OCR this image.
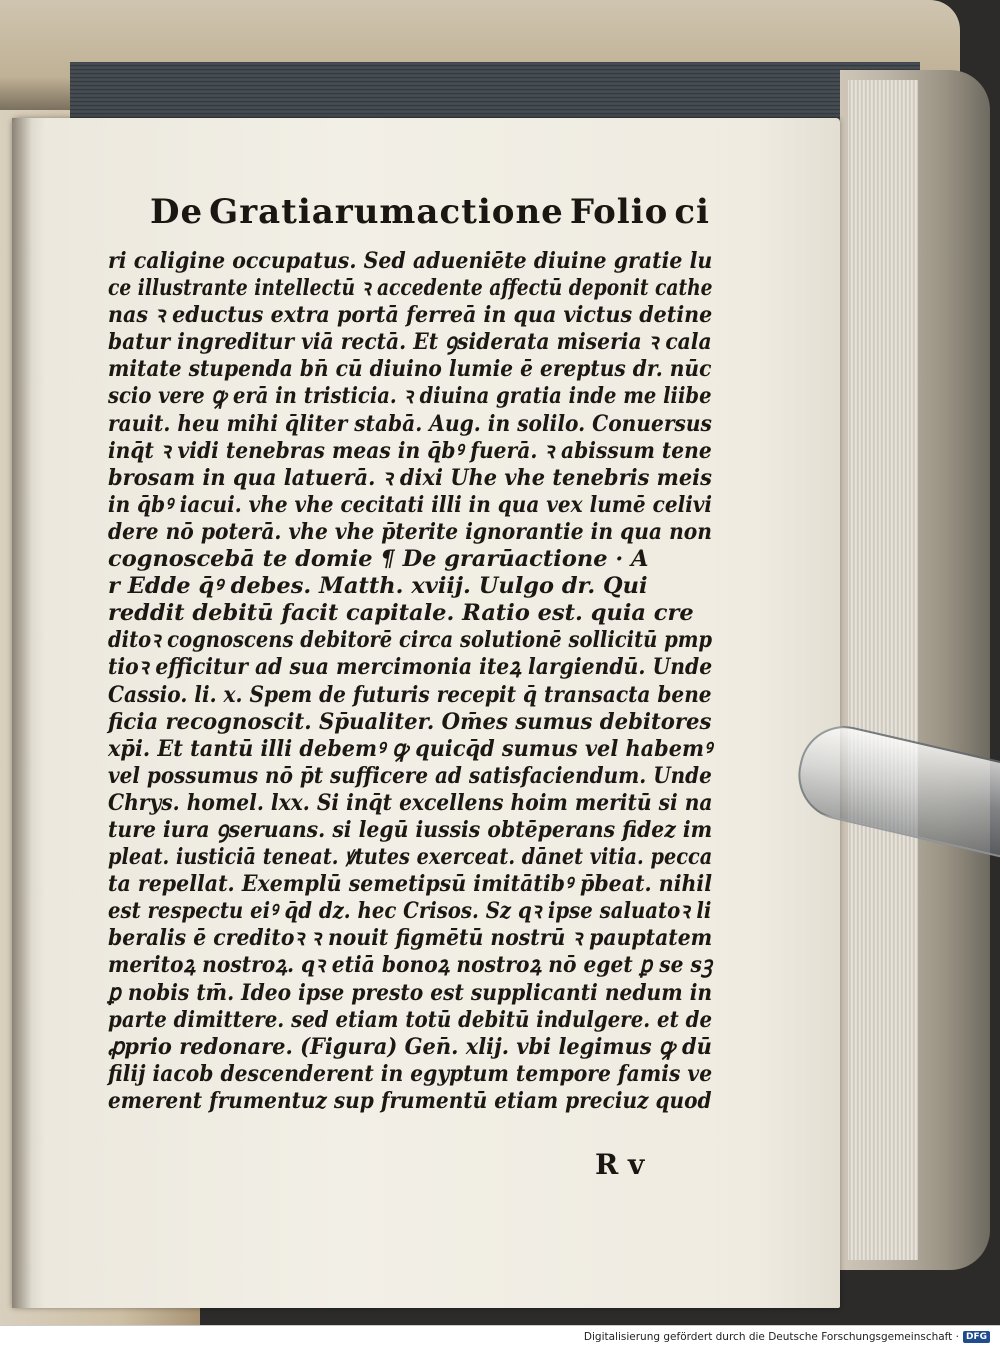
De Gratiarumactione Folio ci
ri caligine occupatus. Sed adueniēte diuine gratie lu
ce illustrante intellectū ꝛ accedente affectū deponit cathe
nas ꝛ eductus extra portā ferreā in qua victus detine
batur ingreditur viā rectā. Et ꝯsiderata miseria ꝛ cala
mitate stupenda bn̄ cū diuino lumie ē ereptus dr. nūc
scio vere ꝙ erā in tristicia. ꝛ diuina gratia inde me liibe
rauit. heu mihi q̄liter stabā. Aug. in solilo. Conuersus
inq̄t ꝛ vidi tenebras meas in q̄bꝰ fuerā. ꝛ abissum tene
brosam in qua latuerā. ꝛ dixi Uhe vhe tenebris meis
in q̄bꝰ iacui. vhe vhe cecitati illi in qua vex lumē celivi
dere nō poterā. vhe vhe p̄terite ignorantie in qua non
cognoscebā te domie ¶ De grarūactione · A
r Edde q̄ꝰ debes. Matth. xviij. Uulgo dr. Qui
reddit debitū facit capitale. Ratio est. quia cre
ditoꝛ cognoscens debitorē circa solutionē sollicitū pmp
tioꝛ efficitur ad sua mercimonia iteꝝ largiendū. Unde
Cassio. li. x. Spem de futuris recepit q̄ transacta bene
ficia recognoscit. Sp̄ualiter. Om̄es sumus debitores
xp̄i. Et tantū illi debemꝰ ꝙ quicq̄d sumus vel habemꝰ
vel possumus nō p̄t sufficere ad satisfaciendum. Unde
Chrys. homel. lxx. Si inq̄t excellens hoim meritū si na
ture iura ꝯseruans. si legū iussis obtēperans fidez im
pleat. iusticiā teneat. ꝟtutes exerceat. dānet vitia. pecca
ta repellat. Exemplū semetipsū imitātibꝰ p̄beat. nihil
est respectu eiꝰ q̄d dz. hec Crisos. Sz qꝛ ipse saluatoꝛ li
beralis ē creditoꝛ ꝛ nouit figmētū nostrū ꝛ pauptatem
meritoꝝ nostroꝝ. qꝛ etiā bonoꝝ nostroꝝ nō eget ꝑ se sꝫ
ꝑ nobis tm̄. Ideo ipse presto est supplicanti nedum in
parte dimittere. sed etiam totū debitū indulgere. et de
ꝓprio redonare. (Figura) Gen̄. xlij. vbi legimus ꝙ dū
filij iacob descenderent in egyptum tempore famis ve
emerent frumentuz sup frumentū etiam preciuz quod
R v
Digitalisierung gefördert durch die Deutsche Forschungsgemeinschaft · DFG
